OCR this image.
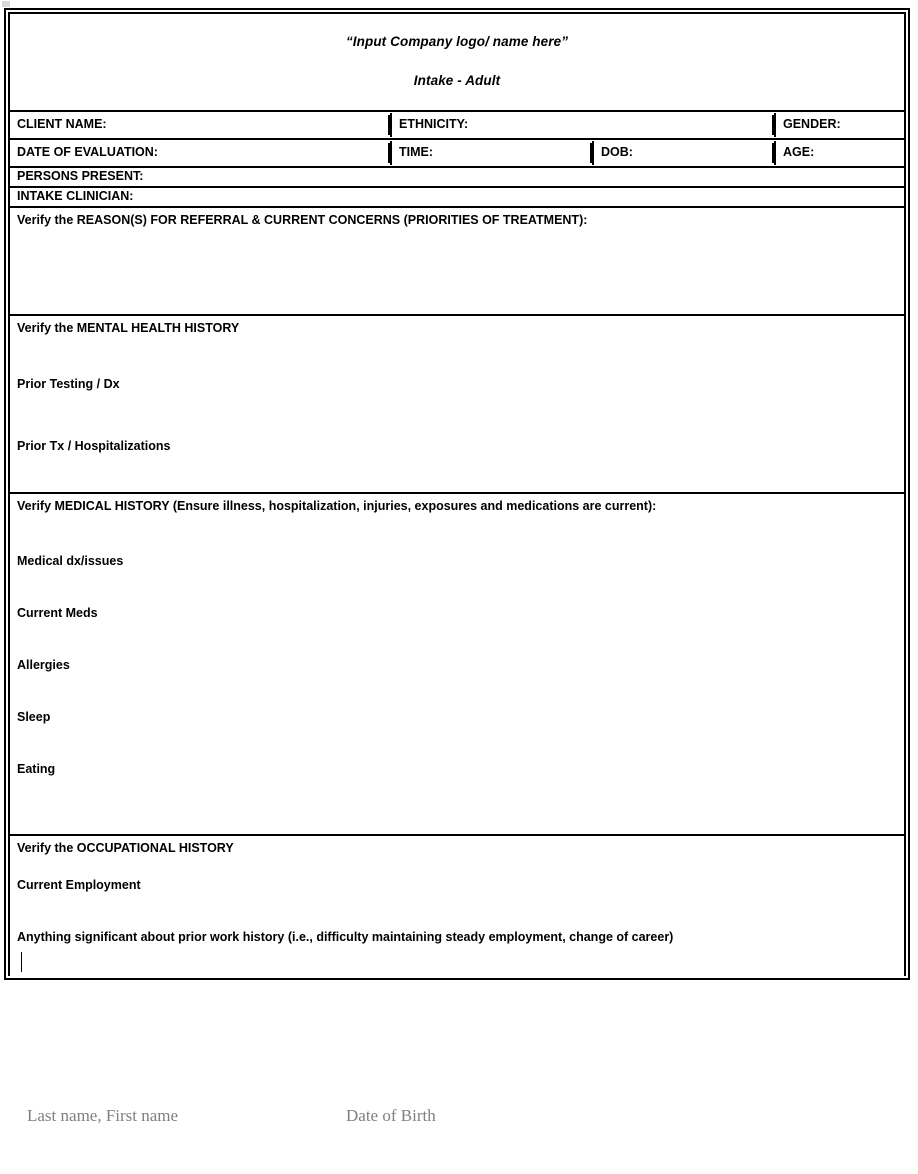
“Input Company logo/ name here”
Intake - Adult
CLIENT NAME:	ETHNICITY:	GENDER:
DATE OF EVALUATION:	TIME:	DOB:	AGE:
PERSONS PRESENT:
INTAKE CLINICIAN:

Verify the REASON(S) FOR REFERRAL & CURRENT CONCERNS (PRIORITIES OF TREATMENT):

Verify the MENTAL HEALTH HISTORY

Prior Testing / Dx

Prior Tx / Hospitalizations

Verify MEDICAL HISTORY (Ensure illness, hospitalization, injuries, exposures and medications are current):

Medical dx/issues

Current Meds

Allergies

Sleep

Eating

Verify the OCCUPATIONAL HISTORY

Current Employment

Anything significant about prior work history (i.e., difficulty maintaining steady employment, change of career)

Last name, First name	Date of Birth
